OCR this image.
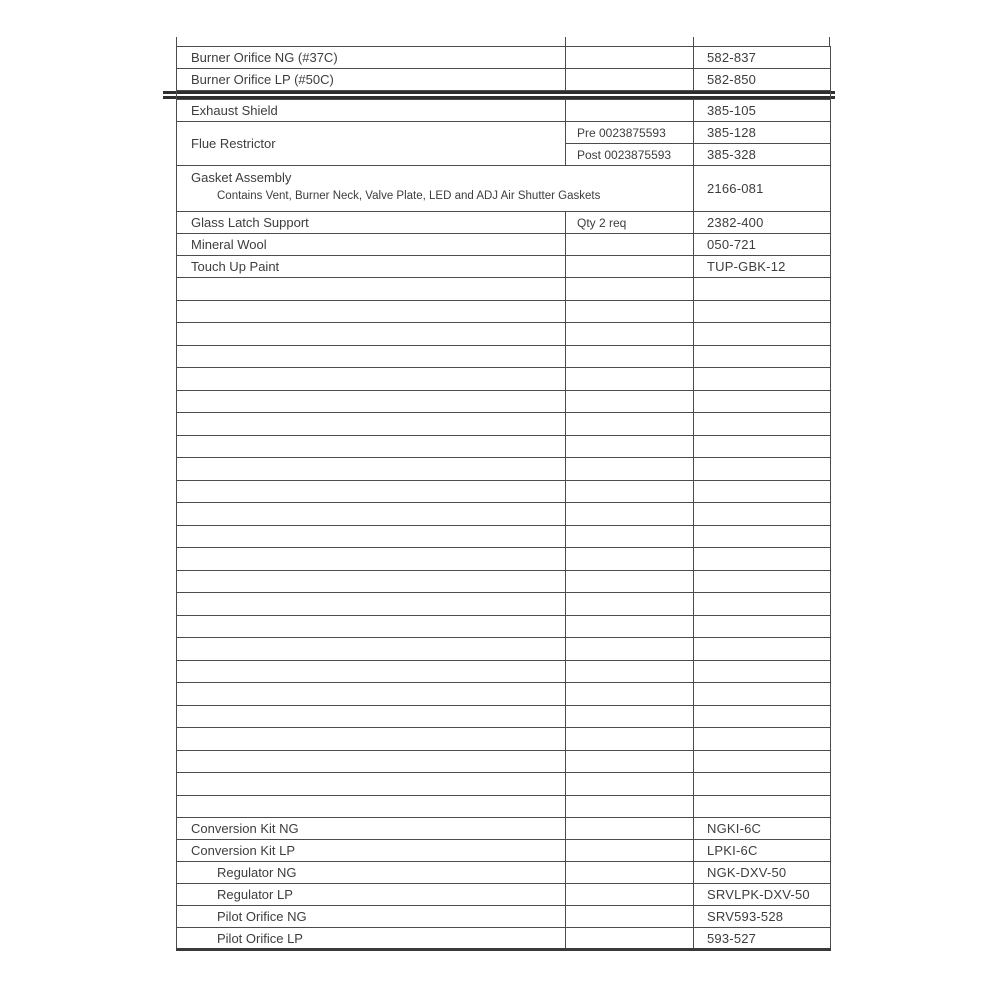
Burner Orifice NG (#37C)		582-837
Burner Orifice LP (#50C)		582-850

Exhaust Shield		385-105
Flue Restrictor	Pre 0023875593	385-128
	Post 0023875593	385-328

Gasket Assembly
Contains Vent, Burner Neck, Valve Plate, LED and ADJ Air Shutter Gaskets		2166-081
Glass Latch Support	Qty 2 req	2382-400
Mineral Wool		050-721
Touch Up Paint		TUP-GBK-12

Conversion Kit NG		NGKI-6C
Conversion Kit LP		LPKI-6C
Regulator NG		NGK-DXV-50
Regulator LP		SRVLPK-DXV-50
Pilot Orifice NG		SRV593-528
Pilot Orifice LP		593-527
